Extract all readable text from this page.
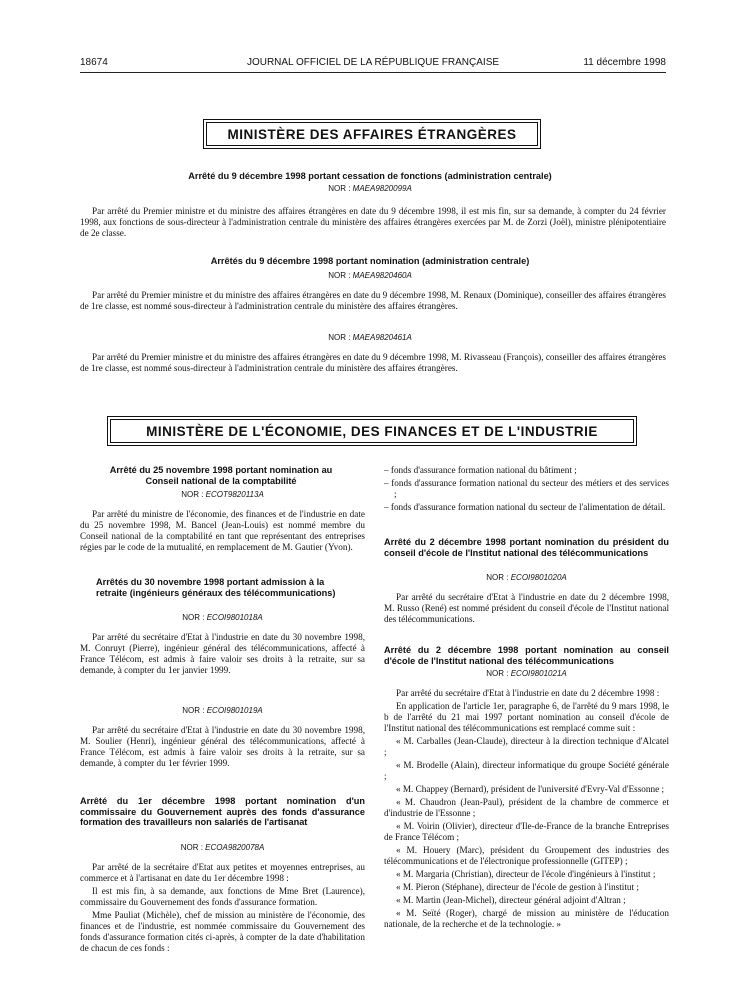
18674	JOURNAL OFFICIEL DE LA RÉPUBLIQUE FRANÇAISE	11 décembre 1998
MINISTÈRE DES AFFAIRES ÉTRANGÈRES
Arrêté du 9 décembre 1998 portant cessation de fonctions (administration centrale)
NOR : MAEA9820099A
Par arrêté du Premier ministre et du ministre des affaires étrangères en date du 9 décembre 1998, il est mis fin, sur sa demande, à compter du 24 février 1998, aux fonctions de sous-directeur à l'administration centrale du ministère des affaires étrangères exercées par M. de Zorzi (Joël), ministre plénipotentiaire de 2e classe.
Arrêtés du 9 décembre 1998 portant nomination (administration centrale)
NOR : MAEA9820460A
Par arrêté du Premier ministre et du ministre des affaires étrangères en date du 9 décembre 1998, M. Renaux (Dominique), conseiller des affaires étrangères de 1re classe, est nommé sous-directeur à l'administration centrale du ministère des affaires étrangères.
NOR : MAEA9820461A
Par arrêté du Premier ministre et du ministre des affaires étrangères en date du 9 décembre 1998, M. Rivasseau (François), conseiller des affaires étrangères de 1re classe, est nommé sous-directeur à l'administration centrale du ministère des affaires étrangères.
MINISTÈRE DE L'ÉCONOMIE, DES FINANCES ET DE L'INDUSTRIE
Arrêté du 25 novembre 1998 portant nomination au Conseil national de la comptabilité
NOR : ECOT9820113A

Par arrêté du ministre de l'économie, des finances et de l'industrie en date du 25 novembre 1998, M. Bancel (Jean-Louis) est nommé membre du Conseil national de la comptabilité en tant que représentant des entreprises régies par le code de la mutualité, en remplacement de M. Gautier (Yvon).

Arrêtés du 30 novembre 1998 portant admission à la retraite (ingénieurs généraux des télécommunications)
NOR : ECOI9801018A

Par arrêté du secrétaire d'Etat à l'industrie en date du 30 novembre 1998, M. Conruyt (Pierre), ingénieur général des télécommunications, affecté à France Télécom, est admis à faire valoir ses droits à la retraite, sur sa demande, à compter du 1er janvier 1999.

NOR : ECOI9801019A

Par arrêté du secrétaire d'Etat à l'industrie en date du 30 novembre 1998, M. Soulier (Henri), ingénieur général des télécommunications, affecté à France Télécom, est admis à faire valoir ses droits à la retraite, sur sa demande, à compter du 1er février 1999.

Arrêté du 1er décembre 1998 portant nomination d'un commissaire du Gouvernement auprès des fonds d'assurance formation des travailleurs non salariés de l'artisanat
NOR : ECOA9820078A

Par arrêté de la secrétaire d'Etat aux petites et moyennes entreprises, au commerce et à l'artisanat en date du 1er décembre 1998 :

Il est mis fin, à sa demande, aux fonctions de Mme Bret (Laurence), commissaire du Gouvernement des fonds d'assurance formation.

Mme Pauliat (Michèle), chef de mission au ministère de l'économie, des finances et de l'industrie, est nommée commissaire du Gouvernement des fonds d'assurance formation cités ci-après, à compter de la date d'habilitation de chacun de ces fonds :

– fonds d'assurance formation national du bâtiment ;

– fonds d'assurance formation national du secteur des métiers et des services ;

– fonds d'assurance formation national du secteur de l'alimentation de détail.

Arrêté du 2 décembre 1998 portant nomination du président du conseil d'école de l'Institut national des télécommunications
NOR : ECOI9801020A

Par arrêté du secrétaire d'Etat à l'industrie en date du 2 décembre 1998, M. Russo (René) est nommé président du conseil d'école de l'Institut national des télécommunications.

Arrêté du 2 décembre 1998 portant nomination au conseil d'école de l'Institut national des télécommunications
NOR : ECOI9801021A

Par arrêté du secrétaire d'Etat à l'industrie en date du 2 décembre 1998 :

En application de l'article 1er, paragraphe 6, de l'arrêté du 9 mars 1998, le b de l'arrêté du 21 mai 1997 portant nomination au conseil d'école de l'Institut national des télécommunications est remplacé comme suit :

« M. Carballes (Jean-Claude), directeur à la direction technique d'Alcatel ;

« M. Brodelle (Alain), directeur informatique du groupe Société générale ;

« M. Chappey (Bernard), président de l'université d'Evry-Val d'Essonne ;

« M. Chaudron (Jean-Paul), président de la chambre de commerce et d'industrie de l'Essonne ;

« M. Voirin (Olivier), directeur d'Ile-de-France de la branche Entreprises de France Télécom ;

« M. Houery (Marc), président du Groupement des industries des télécommunications et de l'électronique professionnelle (GITEP) ;

« M. Margaria (Christian), directeur de l'école d'ingénieurs à l'institut ;

« M. Pieron (Stéphane), directeur de l'école de gestion à l'institut ;

« M. Martin (Jean-Michel), directeur général adjoint d'Altran ;

« M. Seïté (Roger), chargé de mission au ministère de l'éducation nationale, de la recherche et de la technologie. »
